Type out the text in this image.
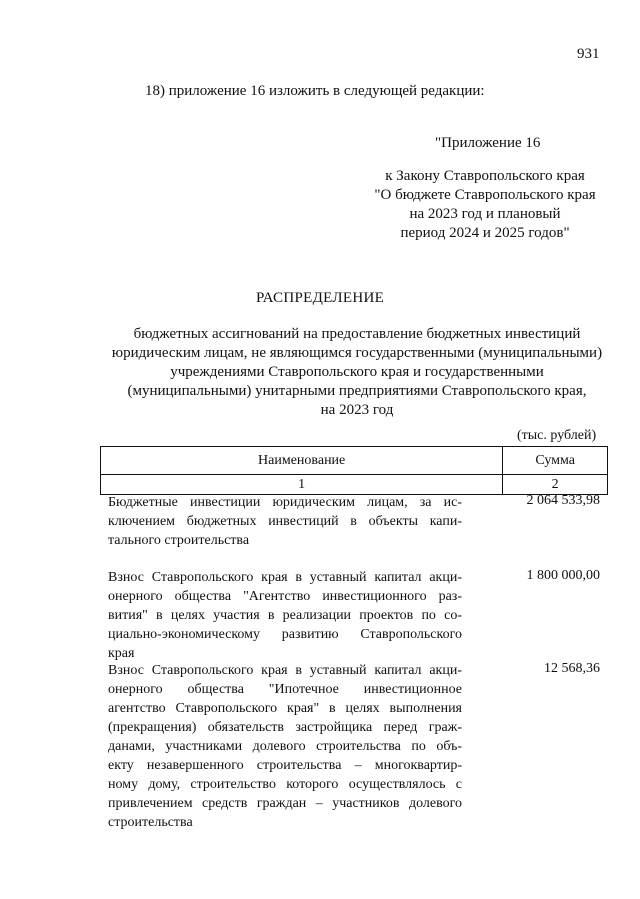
931
18) приложение 16 изложить в следующей редакции:
"Приложение 16
к Закону Ставропольского края
"О бюджете Ставропольского края
на 2023 год и плановый
период 2024 и 2025 годов"
РАСПРЕДЕЛЕНИЕ
бюджетных ассигнований на предоставление бюджетных инвестиций
юридическим лицам, не являющимся государственными (муниципальными)
учреждениями Ставропольского края и государственными
(муниципальными) унитарными предприятиями Ставропольского края,
на 2023 год
(тыс. рублей)
Наименование	Сумма
1	2
Бюджетные инвестиции юридическим лицам, за ис-
ключением бюджетных инвестиций в объекты капи-
тального строительства
2 064 533,98
Взнос Ставропольского края в уставный капитал акци-
онерного общества "Агентство инвестиционного раз-
вития" в целях участия в реализации проектов по со-
циально-экономическому развитию Ставропольского
края
1 800 000,00
Взнос Ставропольского края в уставный капитал акци-
онерного общества "Ипотечное инвестиционное
агентство Ставропольского края" в целях выполнения
(прекращения) обязательств застройщика перед граж-
данами, участниками долевого строительства по объ-
екту незавершенного строительства – многоквартир-
ному дому, строительство которого осуществлялось с
привлечением средств граждан – участников долевого
строительства
12 568,36
